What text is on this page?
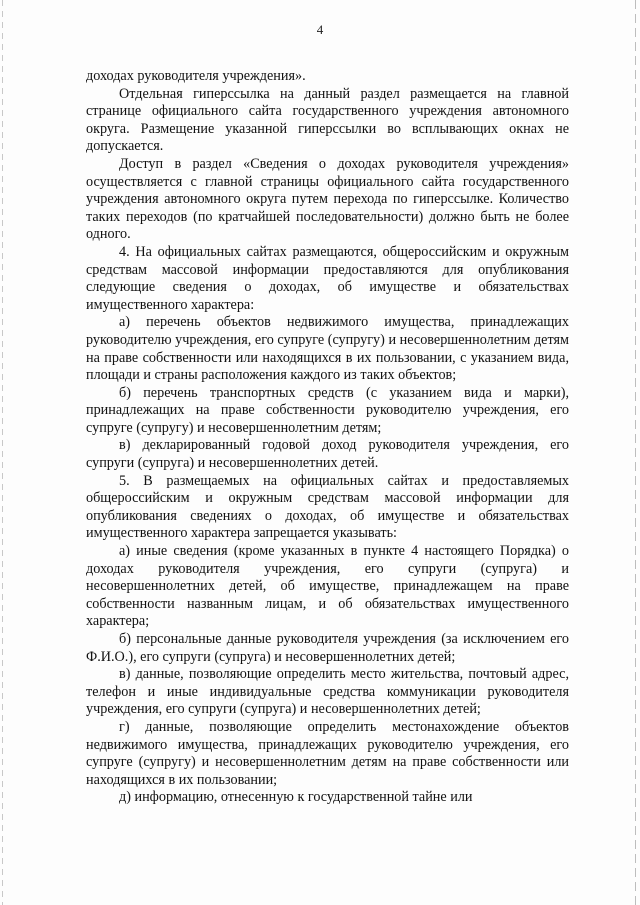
4

доходах руководителя учреждения».

Отдельная гиперссылка на данный раздел размещается на главной странице официального сайта государственного учреждения автономного округа. Размещение указанной гиперссылки во всплывающих окнах не допускается.

Доступ в раздел «Сведения о доходах руководителя учреждения» осуществляется с главной страницы официального сайта государственного учреждения автономного округа путем перехода по гиперссылке. Количество таких переходов (по кратчайшей последовательности) должно быть не более одного.

4. На официальных сайтах размещаются, общероссийским и окружным средствам массовой информации предоставляются для опубликования следующие сведения о доходах, об имуществе и обязательствах имущественного характера:

а) перечень объектов недвижимого имущества, принадлежащих руководителю учреждения, его супруге (супругу) и несовершеннолетним детям на праве собственности или находящихся в их пользовании, с указанием вида, площади и страны расположения каждого из таких объектов;

б) перечень транспортных средств (с указанием вида и марки), принадлежащих на праве собственности руководителю учреждения, его супруге (супругу) и несовершеннолетним детям;

в) декларированный годовой доход руководителя учреждения, его супруги (супруга) и несовершеннолетних детей.

5. В размещаемых на официальных сайтах и предоставляемых общероссийским и окружным средствам массовой информации для опубликования сведениях о доходах, об имуществе и обязательствах имущественного характера запрещается указывать:

а) иные сведения (кроме указанных в пункте 4 настоящего Порядка) о доходах руководителя учреждения, его супруги (супруга) и несовершеннолетних детей, об имуществе, принадлежащем на праве собственности названным лицам, и об обязательствах имущественного характера;

б) персональные данные руководителя учреждения (за исключением его Ф.И.О.), его супруги (супруга) и несовершеннолетних детей;

в) данные, позволяющие определить место жительства, почтовый адрес, телефон и иные индивидуальные средства коммуникации руководителя учреждения, его супруги (супруга) и несовершеннолетних детей;

г) данные, позволяющие определить местонахождение объектов недвижимого имущества, принадлежащих руководителю учреждения, его супруге (супругу) и несовершеннолетним детям на праве собственности или находящихся в их пользовании;

д) информацию, отнесенную к государственной тайне или
